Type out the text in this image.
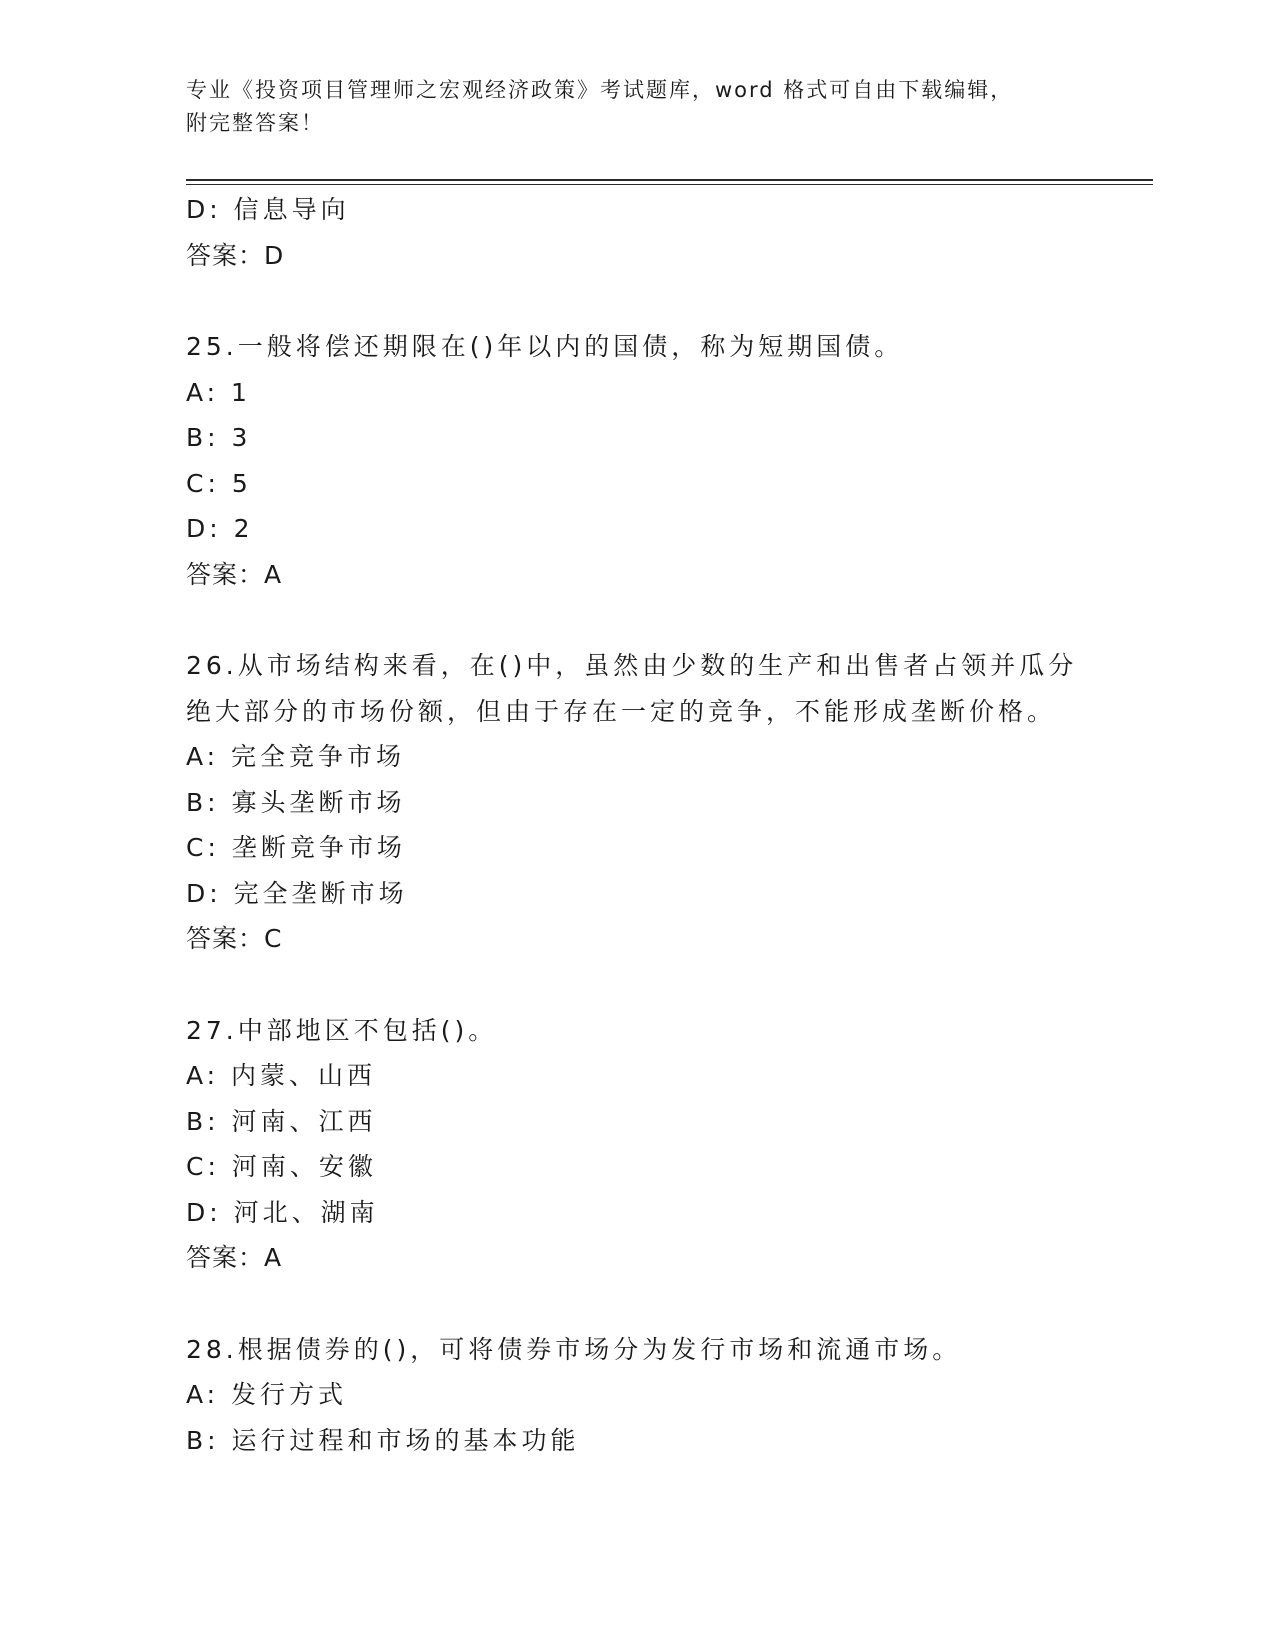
专业《投资项目管理师之宏观经济政策》考试题库，word 格式可自由下载编辑，
附完整答案！
D: 信息导向
答案：D
25.一般将偿还期限在()年以内的国债，称为短期国债。
A: 1
B: 3
C: 5
D: 2
答案：A
26.从市场结构来看，在()中，虽然由少数的生产和出售者占领并瓜分
绝大部分的市场份额，但由于存在一定的竞争，不能形成垄断价格。
A: 完全竞争市场
B: 寡头垄断市场
C: 垄断竞争市场
D: 完全垄断市场
答案：C
27.中部地区不包括()。
A: 内蒙、山西
B: 河南、江西
C: 河南、安徽
D: 河北、湖南
答案：A
28.根据债券的()，可将债券市场分为发行市场和流通市场。
A: 发行方式
B: 运行过程和市场的基本功能
